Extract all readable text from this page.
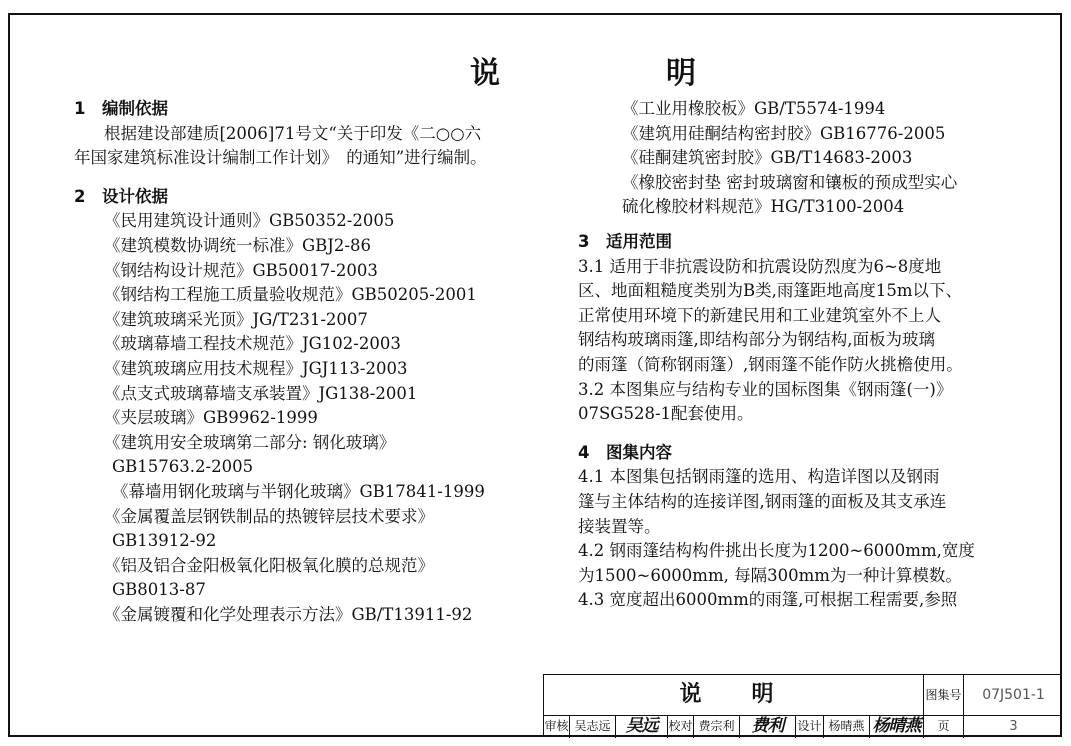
说　明
1　编制依据
根据建设部建质[2006]71号文“关于印发《二○○六
年国家建筑标准设计编制工作计划》　的通知”进行编制。
2　设计依据
《民用建筑设计通则》GB50352-2005
《建筑模数协调统一标准》GBJ2-86
《钢结构设计规范》GB50017-2003
《钢结构工程施工质量验收规范》GB50205-2001
《建筑玻璃采光顶》JG/T231-2007
《玻璃幕墙工程技术规范》JG102-2003
《建筑玻璃应用技术规程》JGJ113-2003
《点支式玻璃幕墙支承装置》JG138-2001
《夹层玻璃》GB9962-1999
《建筑用安全玻璃第二部分: 钢化玻璃》
GB15763.2-2005
《幕墙用钢化玻璃与半钢化玻璃》GB17841-1999
《金属覆盖层钢铁制品的热镀锌层技术要求》
GB13912-92
《铝及铝合金阳极氧化阳极氧化膜的总规范》
GB8013-87
《金属镀覆和化学处理表示方法》GB/T13911-92
《工业用橡胶板》GB/T5574-1994
《建筑用硅酮结构密封胶》GB16776-2005
《硅酮建筑密封胶》GB/T14683-2003
《橡胶密封垫 密封玻璃窗和镶板的预成型实心
硫化橡胶材料规范》HG/T3100-2004
3　适用范围
3.1 适用于非抗震设防和抗震设防烈度为6~8度地
区、地面粗糙度类别为B类,雨篷距地高度15m以下、
正常使用环境下的新建民用和工业建筑室外不上人
钢结构玻璃雨篷,即结构部分为钢结构,面板为玻璃
的雨篷（简称钢雨篷）,钢雨篷不能作防火挑檐使用。
3.2 本图集应与结构专业的国标图集《钢雨篷(一)》
07SG528-1配套使用。
4　图集内容
4.1 本图集包括钢雨篷的选用、构造详图以及钢雨
篷与主体结构的连接详图,钢雨篷的面板及其支承连
接装置等。
4.2 钢雨篷结构构件挑出长度为1200~6000mm,宽度
为1500~6000mm, 每隔300mm为一种计算模数。
4.3 宽度超出6000mm的雨篷,可根据工程需要,参照
说　明	图集号	07J501-1
审核 吴志远 吴远 校对 费宗利	费利	设计 杨晴燕 杨晴燕	页	3
